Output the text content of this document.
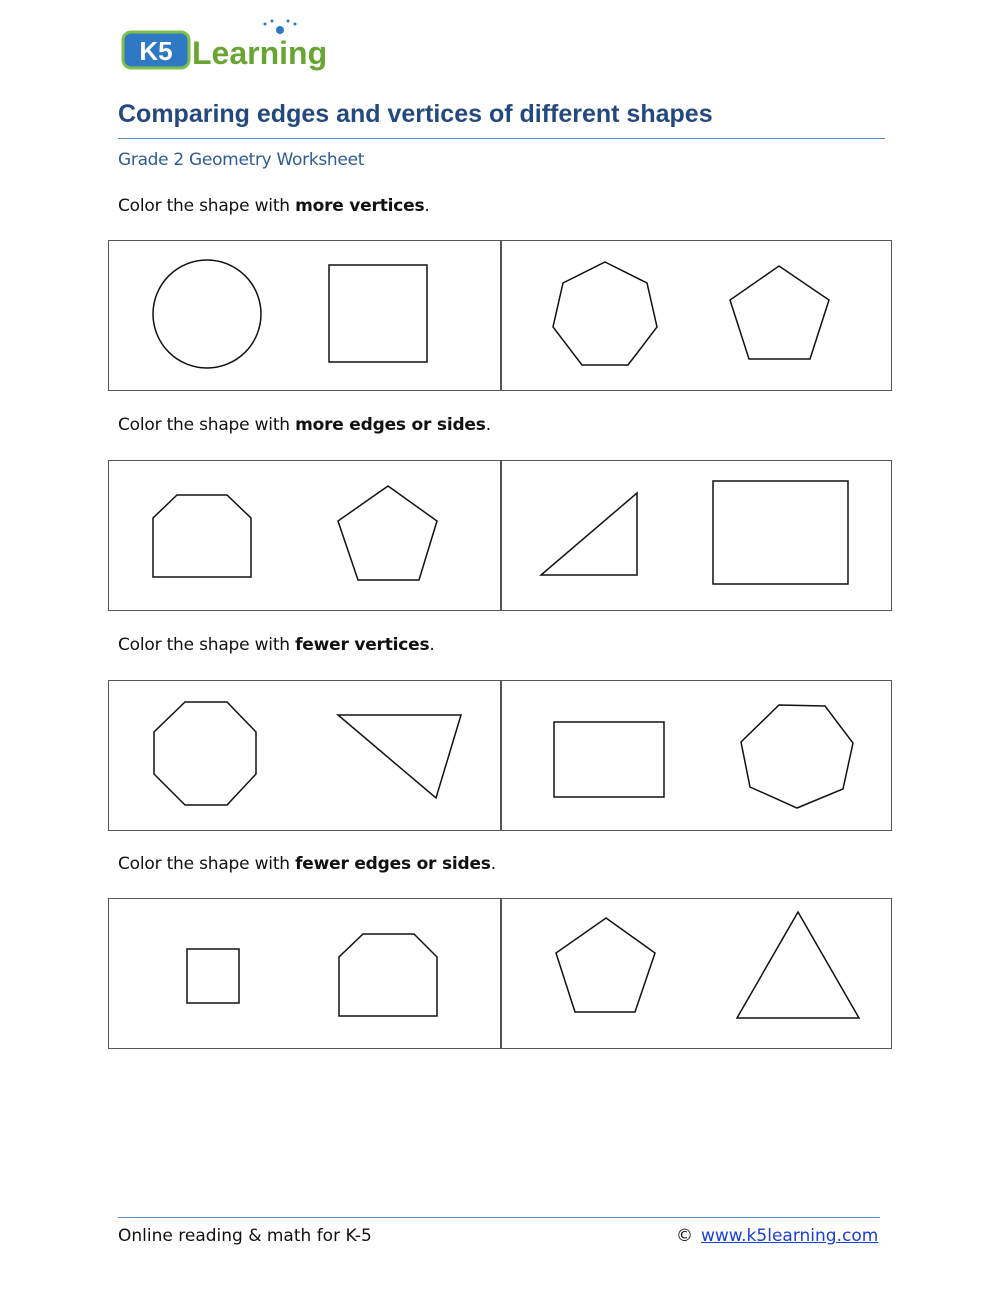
K5 Learning
Comparing edges and vertices of different shapes
Grade 2 Geometry Worksheet
Color the shape with more vertices.
Color the shape with more edges or sides.
Color the shape with fewer vertices.
Color the shape with fewer edges or sides.
Online reading & math for K-5	© www.k5learning.com
